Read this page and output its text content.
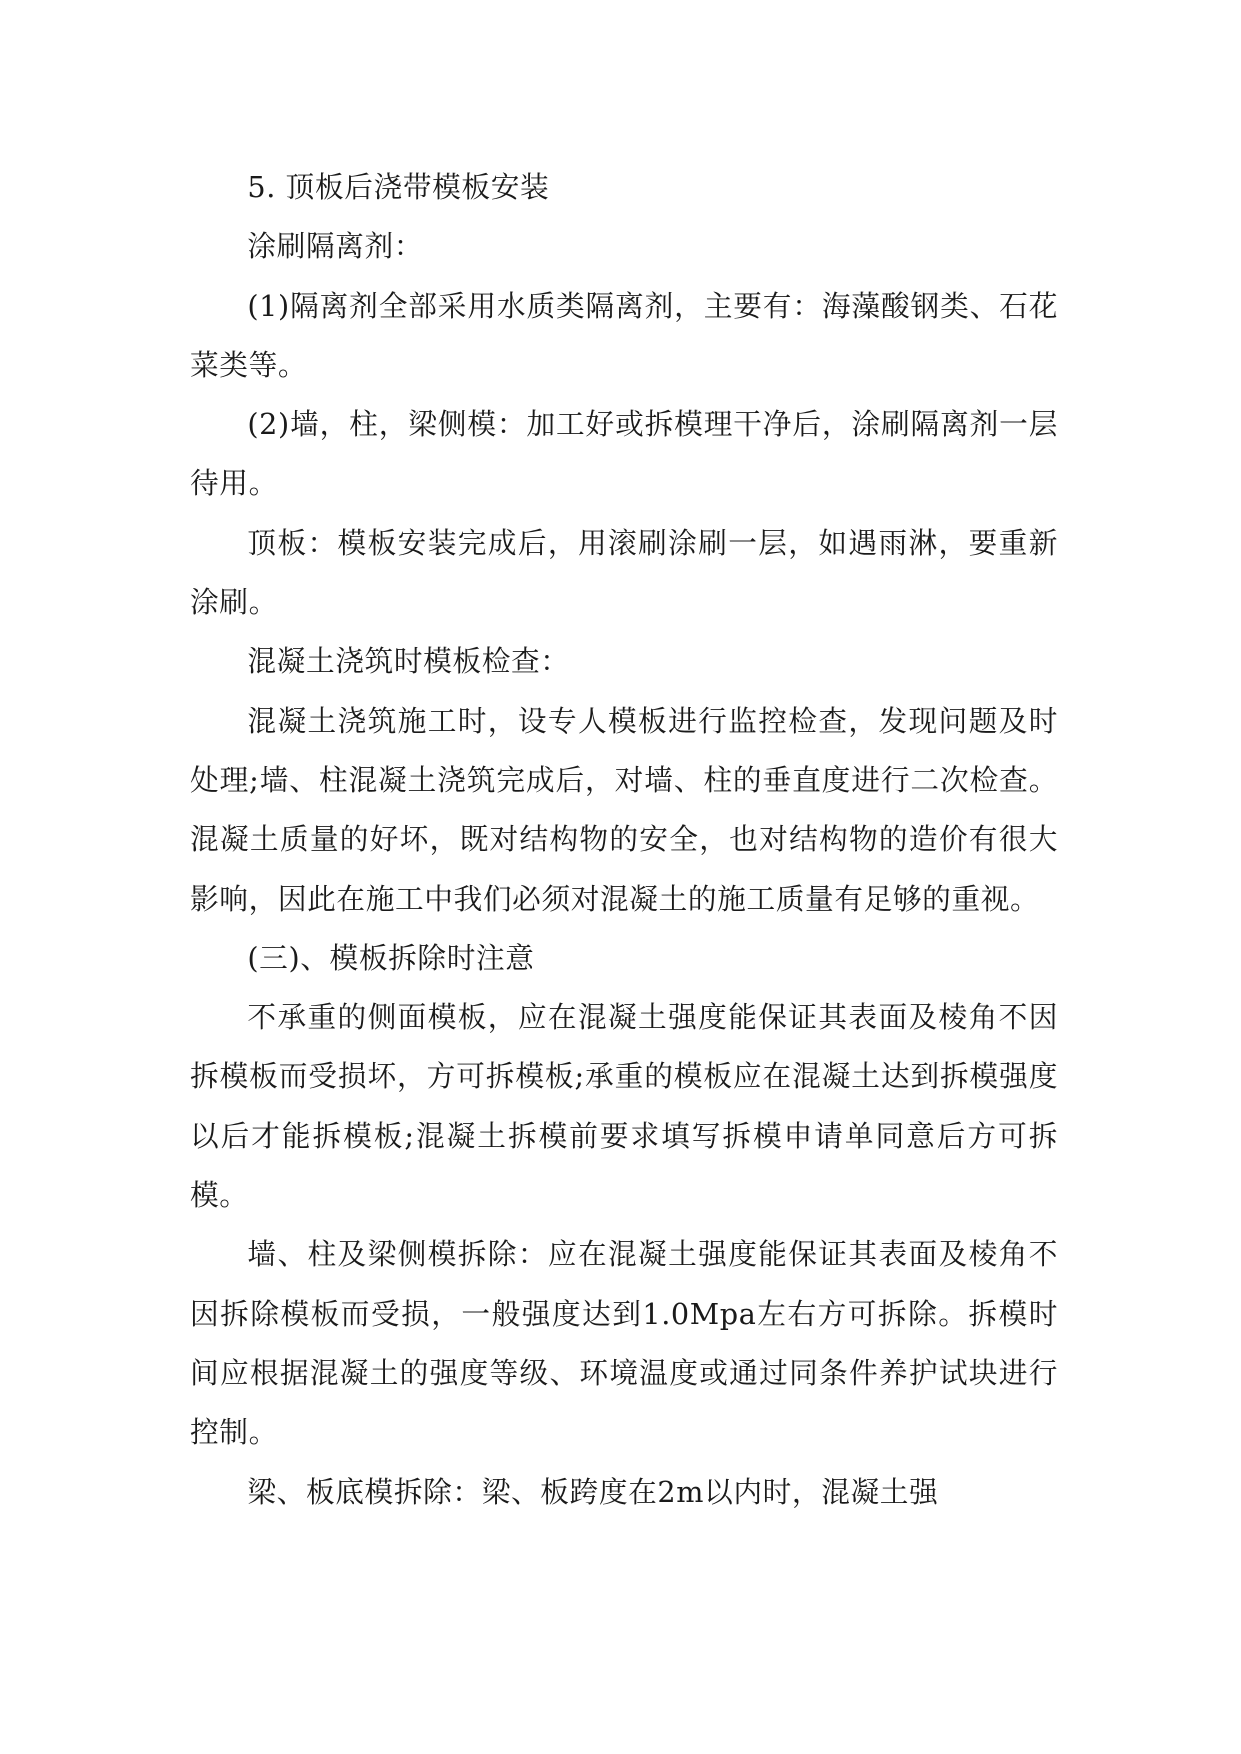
5. 顶板后浇带模板安装

涂刷隔离剂：

(1)隔离剂全部采用水质类隔离剂，主要有：海藻酸钢类、石花菜类等。

(2)墙，柱，梁侧模：加工好或拆模理干净后，涂刷隔离剂一层待用。

顶板：模板安装完成后，用滚刷涂刷一层，如遇雨淋，要重新涂刷。

混凝土浇筑时模板检查：

混凝土浇筑施工时，设专人模板进行监控检查，发现问题及时处理;墙、柱混凝土浇筑完成后，对墙、柱的垂直度进行二次检查。混凝土质量的好坏，既对结构物的安全，也对结构物的造价有很大影响，因此在施工中我们必须对混凝土的施工质量有足够的重视。

(三)、模板拆除时注意

不承重的侧面模板，应在混凝土强度能保证其表面及棱角不因拆模板而受损坏，方可拆模板;承重的模板应在混凝土达到拆模强度以后才能拆模板;混凝土拆模前要求填写拆模申请单同意后方可拆模。

墙、柱及梁侧模拆除：应在混凝土强度能保证其表面及棱角不因拆除模板而受损，一般强度达到1.0Mpa左右方可拆除。拆模时间应根据混凝土的强度等级、环境温度或通过同条件养护试块进行控制。

梁、板底模拆除：梁、板跨度在2m以内时，混凝土强
